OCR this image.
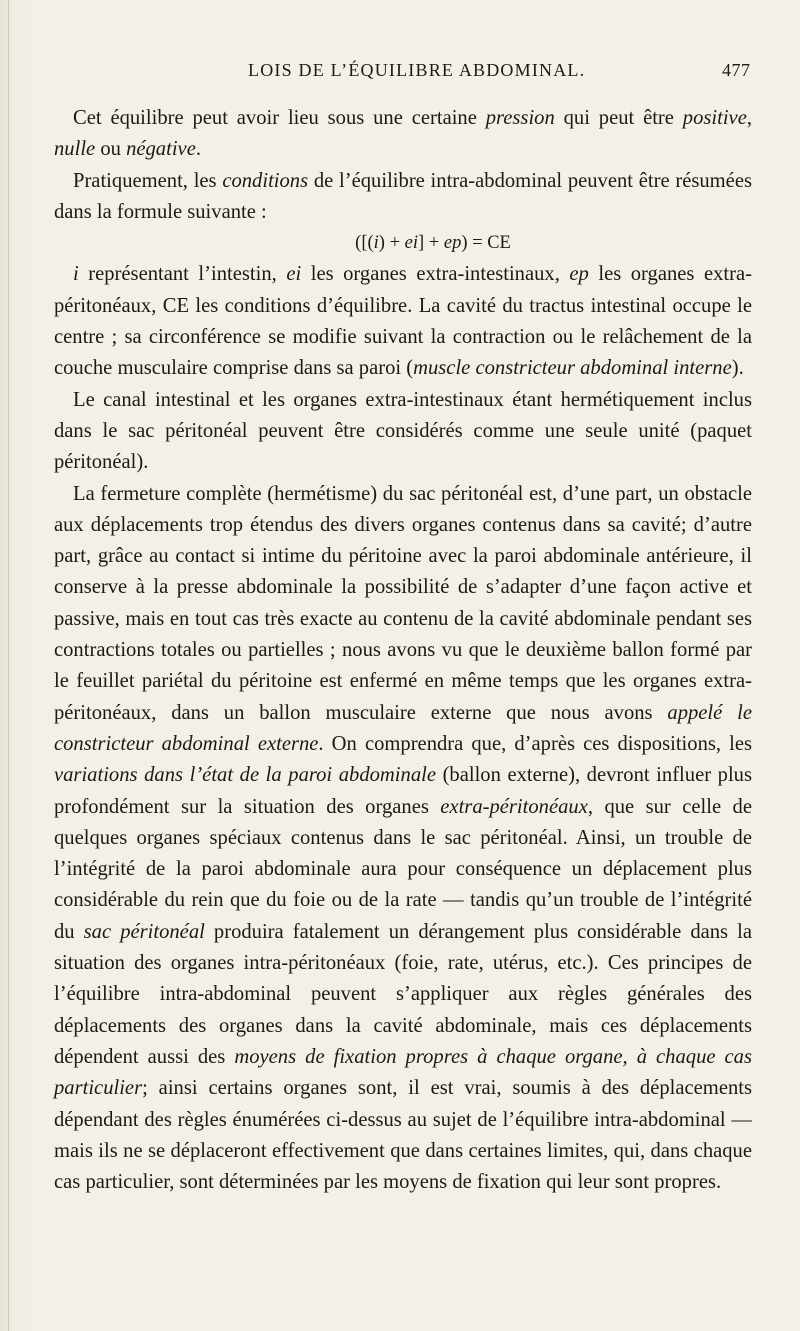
LOIS DE L’ÉQUILIBRE ABDOMINAL.	477

Cet équilibre peut avoir lieu sous une certaine pression qui peut être positive, nulle ou négative.

Pratiquement, les conditions de l’équilibre intra-abdominal peuvent être résumées dans la formule suivante :

([(i) + ei] + ep) = CE

i représentant l’intestin, ei les organes extra-intestinaux, ep les organes extra-péritonéaux, CE les conditions d’équilibre. La cavité du tractus intestinal occupe le centre ; sa circonférence se modifie suivant la contraction ou le relâchement de la couche musculaire comprise dans sa paroi (muscle constricteur abdominal interne).

Le canal intestinal et les organes extra-intestinaux étant hermétiquement inclus dans le sac péritonéal peuvent être considérés comme une seule unité (paquet péritonéal).

La fermeture complète (hermétisme) du sac péritonéal est, d’une part, un obstacle aux déplacements trop étendus des divers organes contenus dans sa cavité; d’autre part, grâce au contact si intime du péritoine avec la paroi abdominale antérieure, il conserve à la presse abdominale la possibilité de s’adapter d’une façon active et passive, mais en tout cas très exacte au contenu de la cavité abdominale pendant ses contractions totales ou partielles ; nous avons vu que le deuxième ballon formé par le feuillet pariétal du péritoine est enfermé en même temps que les organes extra-péritonéaux, dans un ballon musculaire externe que nous avons appelé le constricteur abdominal externe. On comprendra que, d’après ces dispositions, les variations dans l’état de la paroi abdominale (ballon externe), devront influer plus profondément sur la situation des organes extra-péritonéaux, que sur celle de quelques organes spéciaux contenus dans le sac péritonéal. Ainsi, un trouble de l’intégrité de la paroi abdominale aura pour conséquence un déplacement plus considérable du rein que du foie ou de la rate — tandis qu’un trouble de l’intégrité du sac péritonéal produira fatalement un dérangement plus considérable dans la situation des organes intra-péritonéaux (foie, rate, utérus, etc.). Ces principes de l’équilibre intra-abdominal peuvent s’appliquer aux règles générales des déplacements des organes dans la cavité abdominale, mais ces déplacements dépendent aussi des moyens de fixation propres à chaque organe, à chaque cas particulier; ainsi certains organes sont, il est vrai, soumis à des déplacements dépendant des règles énumérées ci-dessus au sujet de l’équilibre intra-abdominal — mais ils ne se déplaceront effectivement que dans certaines limites, qui, dans chaque cas particulier, sont déterminées par les moyens de fixation qui leur sont propres.
